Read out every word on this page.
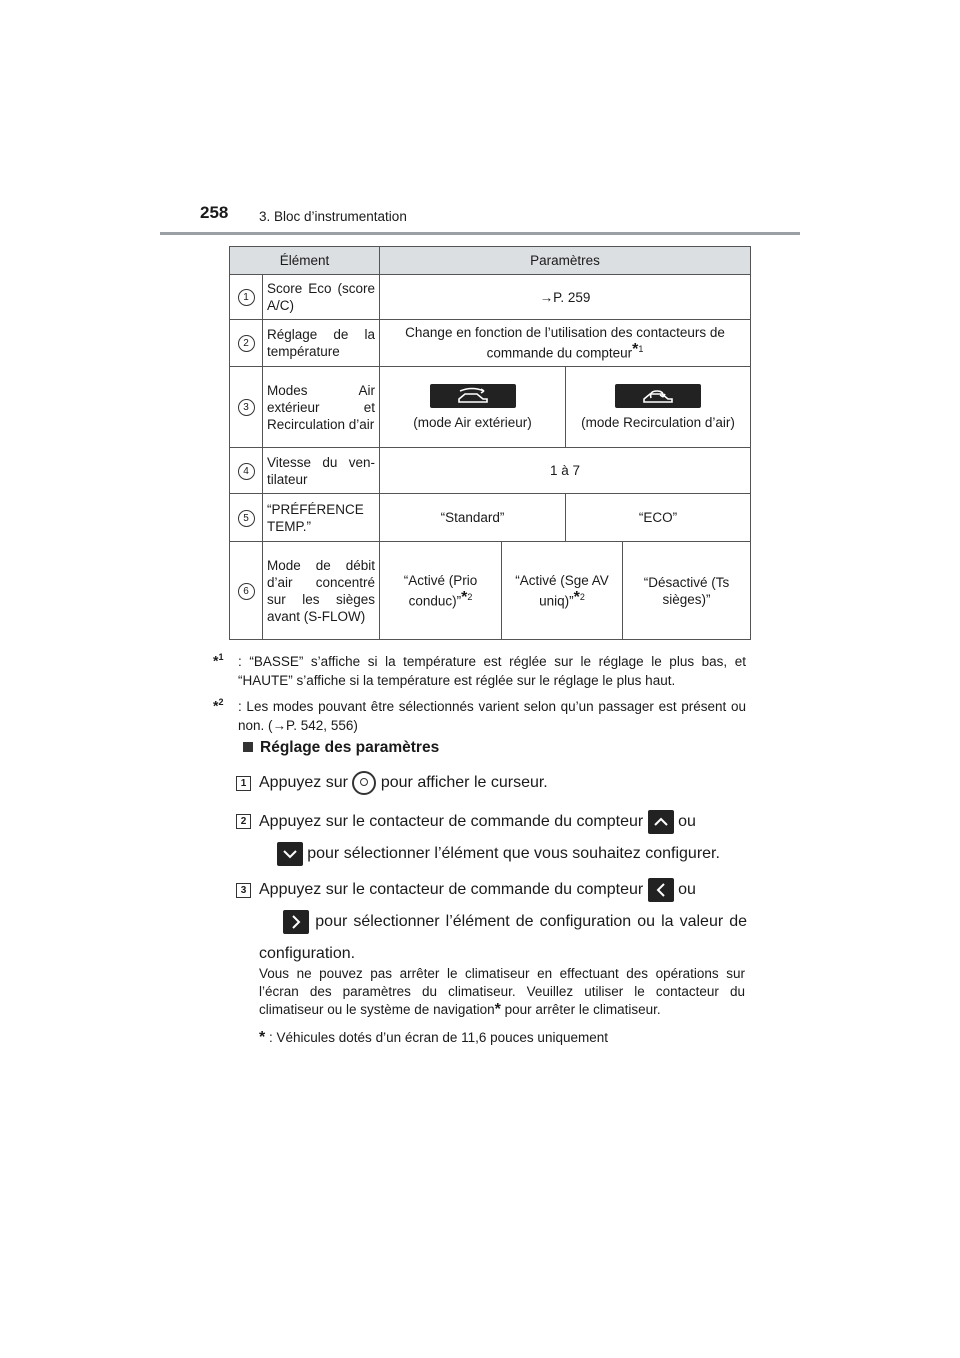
258 3. Bloc d’instrumentation
Élément		Paramètres			
1	Score Eco (score A/C)	→P. 259			
2	Réglage de la température	Change en fonction de l’utilisation des contacteurs de commande du compteur*$^1$
3	Modes Air extérieur et Recirculation d’air	(mode Air extérieur)		(mode Recirculation d’air)	
4	Vitesse du ven-tilateur	1 à 7			
5	“PRÉFÉRENCE TEMP.”	“Standard”		“ECO”	
6	Mode de débit d’air concentré sur les sièges avant (S-FLOW)	“Activé (Prio conduc)”*$^2$	“Activé (Sge AV uniq)”*$^2$		“Désactivé (Ts sièges)”
*$^1$ : “BASSE” s’affiche si la température est réglée sur le réglage le plus bas, et “HAUTE” s’affiche si la température est réglée sur le réglage le plus haut.
*$^2$ : Les modes pouvant être sélectionnés varient selon qu’un passager est présent ou non. (→P. 542, 556)
Réglage des paramètres
1 Appuyez sur pour afficher le curseur.
2 Appuyez sur le contacteur de commande du compteur ou

pour sélectionner l’élément que vous souhaitez configurer.
3 Appuyez sur le contacteur de commande du compteur ou

pour sélectionner l’élément de configuration ou la valeur de configuration.
Vous ne pouvez pas arrêter le climatiseur en effectuant des opérations sur l’écran des paramètres du climatiseur. Veuillez utiliser le contacteur du climatiseur ou le système de navigation* pour arrêter le climatiseur.
* : Véhicules dotés d’un écran de 11,6 pouces uniquement
